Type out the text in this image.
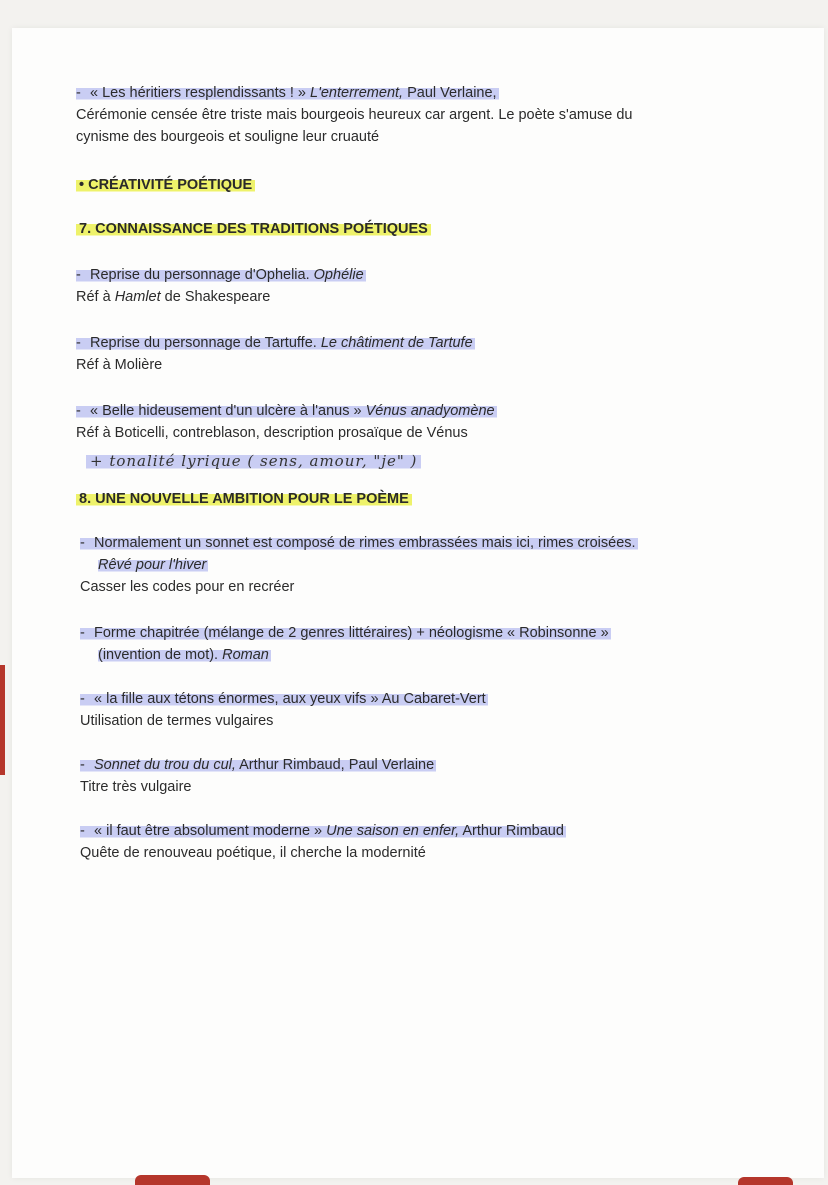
- « Les héritiers resplendissants ! » L'enterrement, Paul Verlaine,
Cérémonie censée être triste mais bourgeois heureux car argent. Le poète s'amuse du
cynisme des bourgeois et souligne leur cruauté
• CRÉATIVITÉ POÉTIQUE
7. CONNAISSANCE DES TRADITIONS POÉTIQUES
- Reprise du personnage d'Ophelia. Ophélie
Réf à Hamlet de Shakespeare
- Reprise du personnage de Tartuffe. Le châtiment de Tartufe
Réf à Molière
- « Belle hideusement d'un ulcère à l'anus » Vénus anadyomène
Réf à Boticelli, contreblason, description prosaïque de Vénus
+ tonalité lyrique ( sens, amour, "je" )
8. UNE NOUVELLE AMBITION POUR LE POÈME
- Normalement un sonnet est composé de rimes embrassées mais ici, rimes croisées.

Rêvé pour l'hiver
Casser les codes pour en recréer
- Forme chapitrée (mélange de 2 genres littéraires) + néologisme « Robinsonne »

(invention de mot). Roman
- « la fille aux tétons énormes, aux yeux vifs » Au Cabaret-Vert
Utilisation de termes vulgaires
- Sonnet du trou du cul, Arthur Rimbaud, Paul Verlaine
Titre très vulgaire
- « il faut être absolument moderne » Une saison en enfer, Arthur Rimbaud
Quête de renouveau poétique, il cherche la modernité
